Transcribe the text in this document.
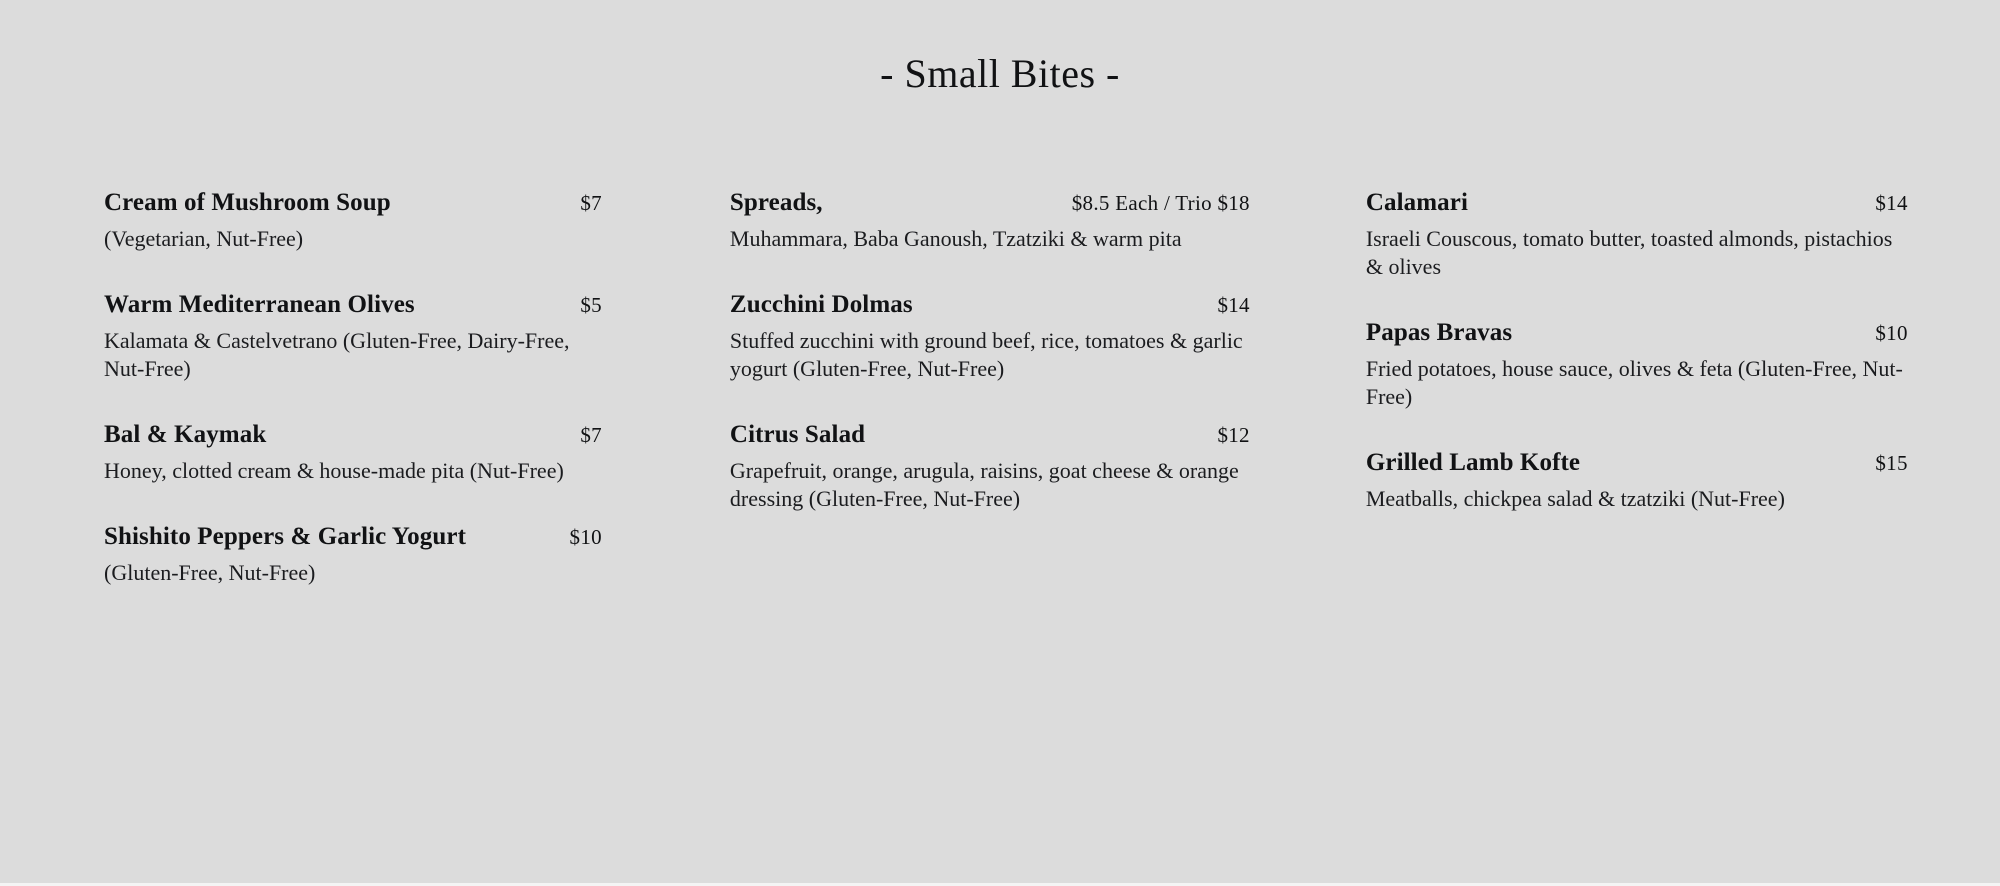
- Small Bites -
Cream of Mushroom Soup	$7
(Vegetarian, Nut-Free)
Warm Mediterranean Olives	$5
Kalamata & Castelvetrano (Gluten-Free, Dairy-Free, Nut-Free)
Bal & Kaymak	$7
Honey, clotted cream & house-made pita (Nut-Free)
Shishito Peppers & Garlic Yogurt	$10
(Gluten-Free, Nut-Free)
Spreads,	$8.5 Each / Trio $18
Muhammara, Baba Ganoush, Tzatziki & warm pita
Zucchini Dolmas	$14
Stuffed zucchini with ground beef, rice, tomatoes & garlic yogurt (Gluten-Free, Nut-Free)
Citrus Salad	$12
Grapefruit, orange, arugula, raisins, goat cheese & orange dressing (Gluten-Free, Nut-Free)
Calamari	$14
Israeli Couscous, tomato butter, toasted almonds, pistachios & olives
Papas Bravas	$10
Fried potatoes, house sauce, olives & feta (Gluten-Free, Nut-Free)
Grilled Lamb Kofte	$15
Meatballs, chickpea salad & tzatziki (Nut-Free)
